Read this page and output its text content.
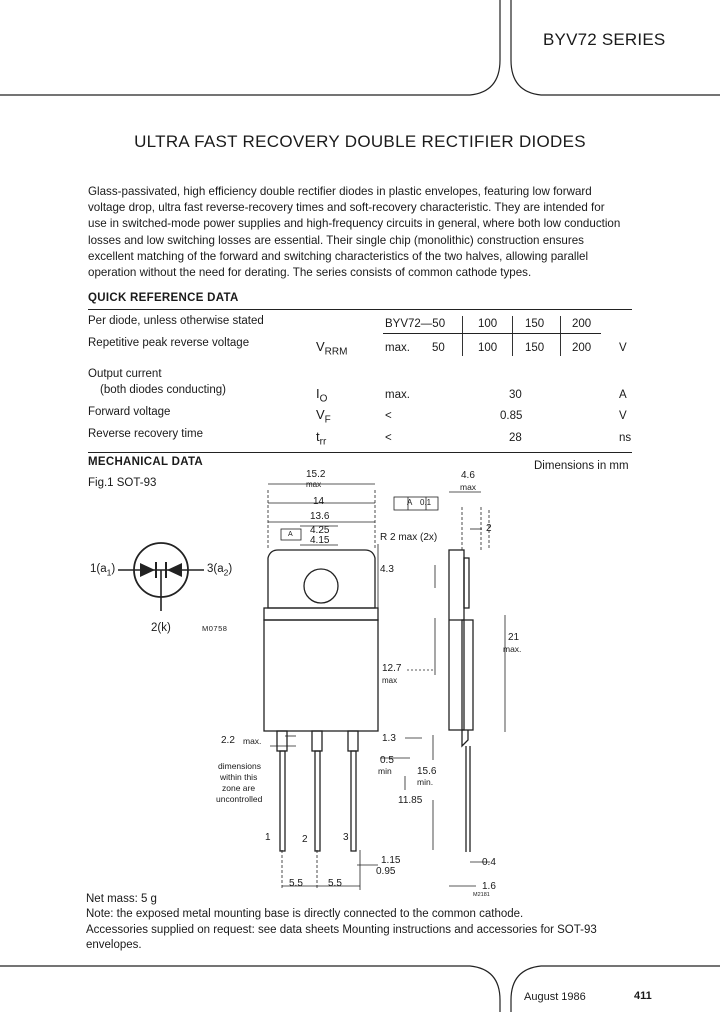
BYV72 SERIES
ULTRA FAST RECOVERY DOUBLE RECTIFIER DIODES

Glass-passivated, high efficiency double rectifier diodes in plastic envelopes, featuring low forward

voltage drop, ultra fast reverse-recovery times and soft-recovery characteristic. They are intended for

use in switched-mode power supplies and high-frequency circuits in general, where both low conduction

losses and low switching losses are essential. Their single chip (monolithic) construction ensures

excellent matching of the forward and switching characteristics of the two halves, allowing parallel

operation without the need for derating. The series consists of common cathode types.

QUICK REFERENCE DATA
Per diode, unless otherwise stated	BYV72—50	100 150 200
Repetitive peak reverse voltage	$V_{RRM}$	max. 50	100 150 200 V
Output current
(both diodes conducting)	$I_O$	max.	30	A
Forward voltage	$V_F$	<	0.85	V
Reverse recovery time	$t_{rr}$	<	28	ns
MECHANICAL DATA	Dimensions in mm
Fig.1 SOT-93
$1(a_1)$	$3(a_2)$
2(k)	M0758
15.2
max
14
13.6
A 0.1
A 4.25
4.15	R 2 max (2x)
4.3
12.7
max
2.2 max.
dimensions
within this
zone are
uncontrolled
1.3
0.5
min	15.6
min.
11.85
1	2	3
1.15
0.95
5.5	5.5
4.6
max
2
21
max.
0.4
1.6
M2181

Net mass: 5 g

Note: the exposed metal mounting base is directly connected to the common cathode.

Accessories supplied on request: see data sheets Mounting instructions and accessories for SOT-93

envelopes.

August 1986	411
